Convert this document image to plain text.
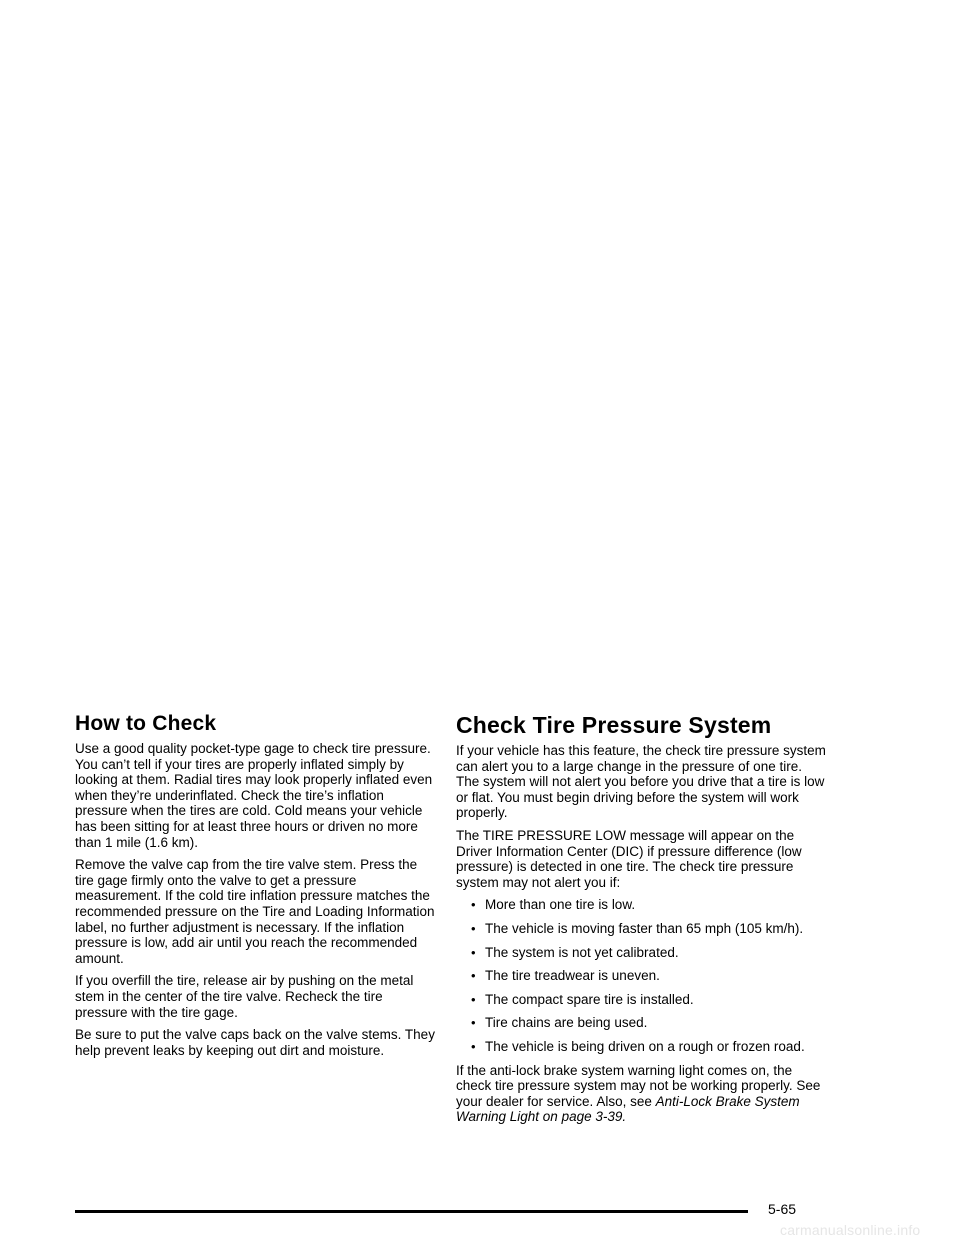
How to Check

Use a good quality pocket-type gage to check tire pressure. You can’t tell if your tires are properly inflated simply by looking at them. Radial tires may look properly inflated even when they’re underinflated. Check the tire’s inflation pressure when the tires are cold. Cold means your vehicle has been sitting for at least three hours or driven no more than 1 mile (1.6 km).

Remove the valve cap from the tire valve stem. Press the tire gage firmly onto the valve to get a pressure measurement. If the cold tire inflation pressure matches the recommended pressure on the Tire and Loading Information label, no further adjustment is necessary. If the inflation pressure is low, add air until you reach the recommended amount.

If you overfill the tire, release air by pushing on the metal stem in the center of the tire valve. Recheck the tire pressure with the tire gage.

Be sure to put the valve caps back on the valve stems. They help prevent leaks by keeping out dirt and moisture.

Check Tire Pressure System

If your vehicle has this feature, the check tire pressure system can alert you to a large change in the pressure of one tire. The system will not alert you before you drive that a tire is low or flat. You must begin driving before the system will work properly.

The TIRE PRESSURE LOW message will appear on the Driver Information Center (DIC) if pressure difference (low pressure) is detected in one tire. The check tire pressure system may not alert you if:

• More than one tire is low.
• The vehicle is moving faster than 65 mph (105 km/h).
• The system is not yet calibrated.
• The tire treadwear is uneven.
• The compact spare tire is installed.
• Tire chains are being used.
• The vehicle is being driven on a rough or frozen road.

If the anti-lock brake system warning light comes on, the check tire pressure system may not be working properly. See your dealer for service. Also, see Anti-Lock Brake System Warning Light on page 3-39.

5-65
carmanualsonline.info
